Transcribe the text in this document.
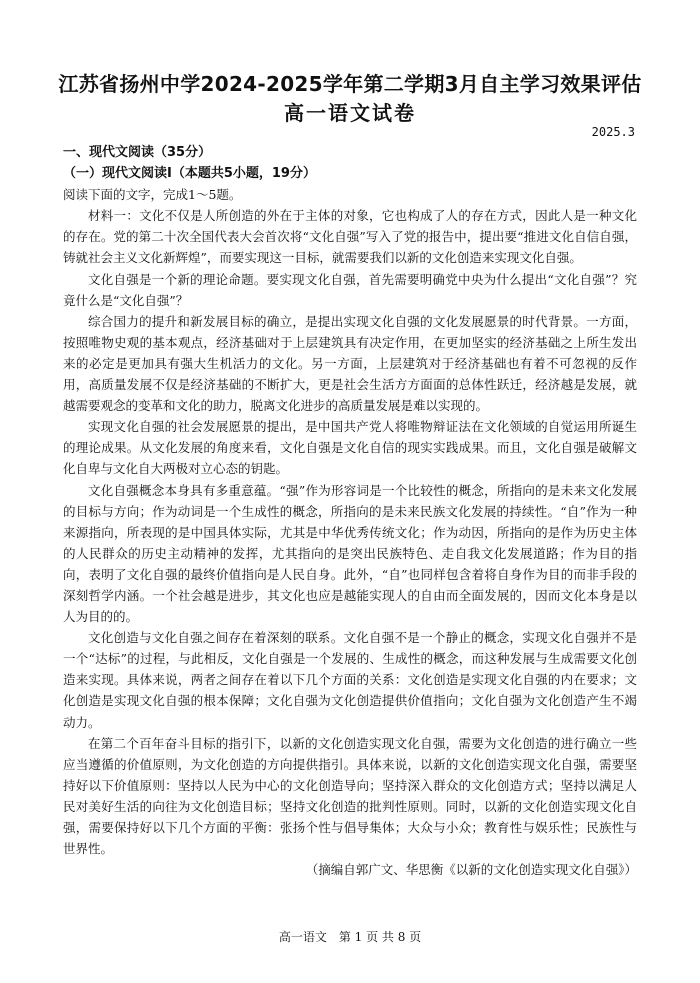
江苏省扬州中学2024-2025学年第二学期3月自主学习效果评估
高一语文试卷
2025.3
一、现代文阅读（35分）
（一）现代文阅读Ⅰ（本题共5小题，19分）
阅读下面的文字，完成1～5题。

材料一：文化不仅是人所创造的外在于主体的对象，它也构成了人的存在方式，因此人是一种文化的存在。党的第二十次全国代表大会首次将“文化自强”写入了党的报告中，提出要“推进文化自信自强，铸就社会主义文化新辉煌”，而要实现这一目标，就需要我们以新的文化创造来实现文化自强。

文化自强是一个新的理论命题。要实现文化自强，首先需要明确党中央为什么提出“文化自强”？究竟什么是“文化自强”？

综合国力的提升和新发展目标的确立，是提出实现文化自强的文化发展愿景的时代背景。一方面，按照唯物史观的基本观点，经济基础对于上层建筑具有决定作用，在更加坚实的经济基础之上所生发出来的必定是更加具有强大生机活力的文化。另一方面，上层建筑对于经济基础也有着不可忽视的反作用，高质量发展不仅是经济基础的不断扩大，更是社会生活方方面面的总体性跃迁，经济越是发展，就越需要观念的变革和文化的助力，脱离文化进步的高质量发展是难以实现的。

实现文化自强的社会发展愿景的提出，是中国共产党人将唯物辩证法在文化领域的自觉运用所诞生的理论成果。从文化发展的角度来看，文化自强是文化自信的现实实践成果。而且，文化自强是破解文化自卑与文化自大两极对立心态的钥匙。

文化自强概念本身具有多重意蕴。“强”作为形容词是一个比较性的概念，所指向的是未来文化发展的目标与方向；作为动词是一个生成性的概念，所指向的是未来民族文化发展的持续性。“自”作为一种来源指向，所表现的是中国具体实际，尤其是中华优秀传统文化；作为动因，所指向的是作为历史主体的人民群众的历史主动精神的发挥，尤其指向的是突出民族特色、走自我文化发展道路；作为目的指向，表明了文化自强的最终价值指向是人民自身。此外，“自”也同样包含着将自身作为目的而非手段的深刻哲学内涵。一个社会越是进步，其文化也应是越能实现人的自由而全面发展的，因而文化本身是以人为目的的。

文化创造与文化自强之间存在着深刻的联系。文化自强不是一个静止的概念，实现文化自强并不是一个“达标”的过程，与此相反，文化自强是一个发展的、生成性的概念，而这种发展与生成需要文化创造来实现。具体来说，两者之间存在着以下几个方面的关系：文化创造是实现文化自强的内在要求；文化创造是实现文化自强的根本保障；文化自强为文化创造提供价值指向；文化自强为文化创造产生不竭动力。

在第二个百年奋斗目标的指引下，以新的文化创造实现文化自强，需要为文化创造的进行确立一些应当遵循的价值原则，为文化创造的方向提供指引。具体来说，以新的文化创造实现文化自强，需要坚持好以下价值原则：坚持以人民为中心的文化创造导向；坚持深入群众的文化创造方式；坚持以满足人民对美好生活的向往为文化创造目标；坚持文化创造的批判性原则。同时，以新的文化创造实现文化自强，需要保持好以下几个方面的平衡：张扬个性与倡导集体；大众与小众；教育性与娱乐性；民族性与世界性。

（摘编自郭广文、华思衡《以新的文化创造实现文化自强》）

高一语文　第 1 页 共 8 页
